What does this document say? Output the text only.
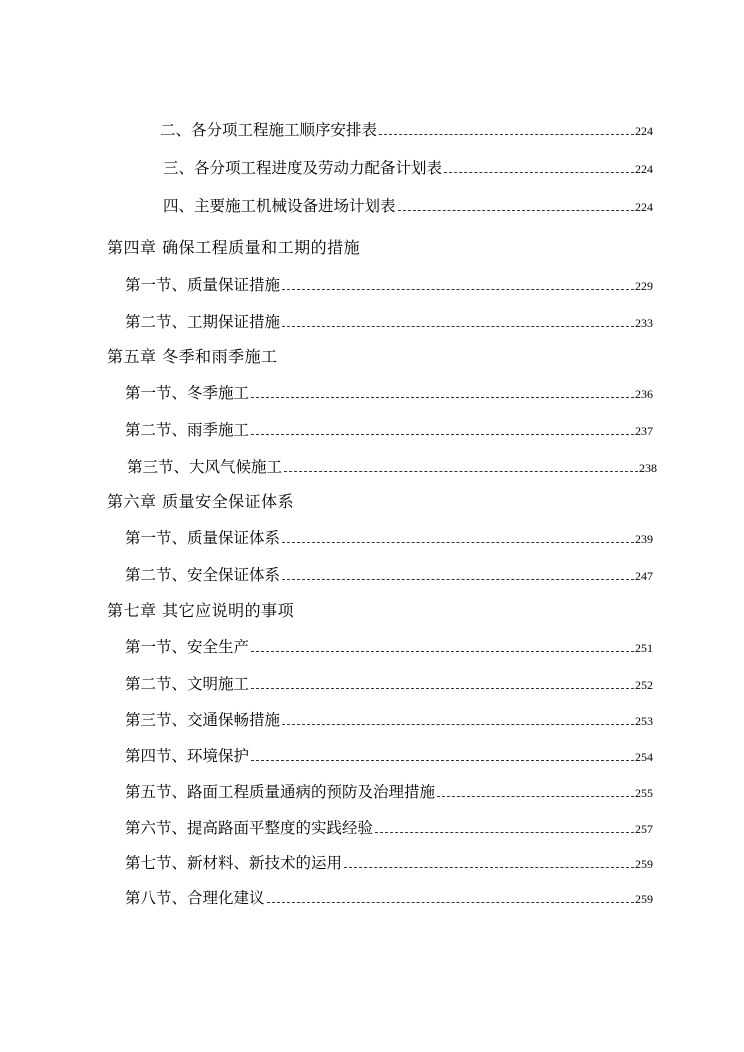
二、各分项工程施工顺序安排表	224
三、各分项工程进度及劳动力配备计划表	224
四、主要施工机械设备进场计划表	224
第四章 确保工程质量和工期的措施
第一节、质量保证措施	229
第二节、工期保证措施	233
第五章 冬季和雨季施工
第一节、冬季施工	236
第二节、雨季施工	237
第三节、大风气候施工	238
第六章 质量安全保证体系
第一节、质量保证体系	239
第二节、安全保证体系	247
第七章 其它应说明的事项
第一节、安全生产	251
第二节、文明施工	252
第三节、交通保畅措施	253
第四节、环境保护	254
第五节、路面工程质量通病的预防及治理措施	255
第六节、提高路面平整度的实践经验	257
第七节、新材料、新技术的运用	259
第八节、合理化建议	259
